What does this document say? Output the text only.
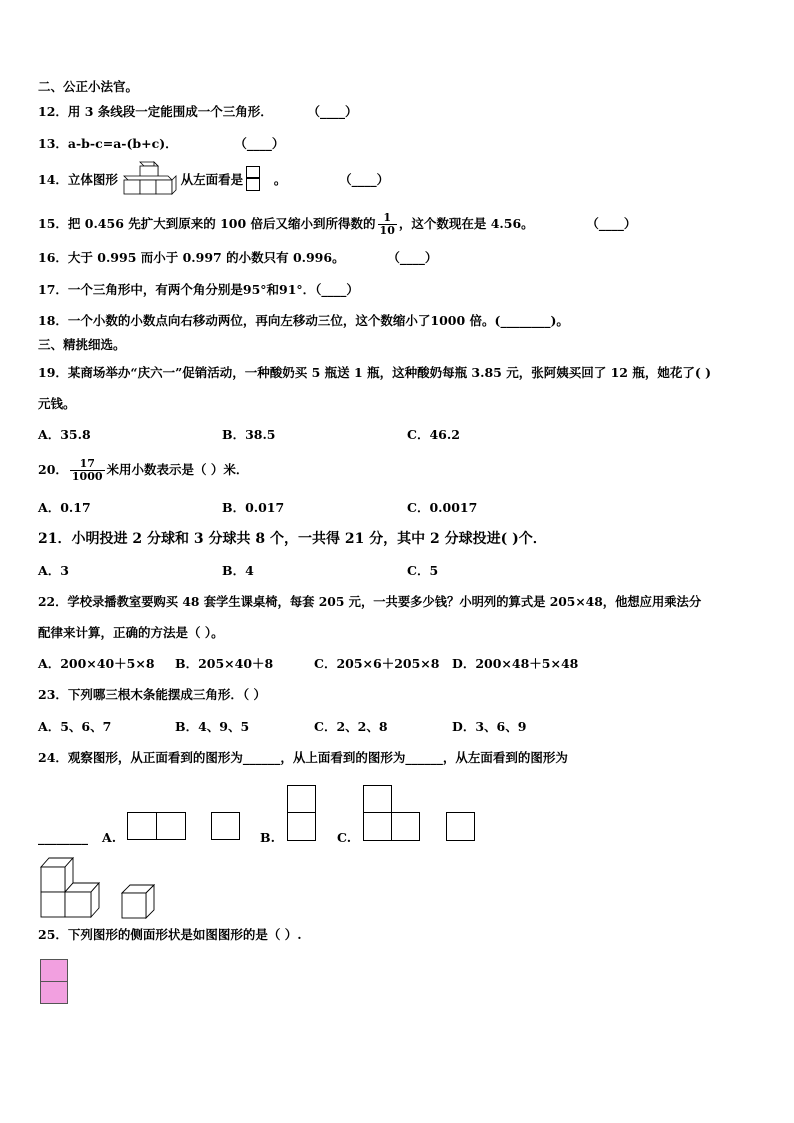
二、公正小法官。
12．用 3 条线段一定能围成一个三角形．	（____）
13．a-b-c=a-(b+c)．	（____）
14．立体图形	从左面看是 。	（____）
15．把 0.456 先扩大到原来的 100 倍后又缩小到所得数的 $\frac{1}{10}$ ，这个数现在是 4.56。	（____）
16．大于 0.995 而小于 0.997 的小数只有 0.996。	（____）
17．一个三角形中，有两个角分别是95°和91°．（____）
18．一个小数的小数点向右移动两位，再向左移动三位，这个数缩小了1000 倍。(________)。
三、精挑细选。
19．某商场举办“庆六一”促销活动，一种酸奶买 5 瓶送 1 瓶，这种酸奶每瓶 3.85 元，张阿姨买回了 12 瓶，她花了( )
元钱。
A．35.8	B．38.5	C．46.2
20． $\frac{17}{1000}$ 米用小数表示是（ ）米．
A．0.17	B．0.017	C．0.0017
21．小明投进 2 分球和 3 分球共 8 个，一共得 21 分，其中 2 分球投进( )个．
A．3	B．4	C．5
22．学校录播教室要购买 48 套学生课桌椅，每套 205 元，一共要多少钱？小明列的算式是 205×48，他想应用乘法分
配律来计算，正确的方法是（ ）。
A．200×40＋5×8 B．205×40＋8	C．205×6＋205×8 D．200×48＋5×48
23．下列哪三根木条能摆成三角形．（ ）
A．5、6、7	B．4、9、5	C．2、2、8	D．3、6、9
24．观察图形，从正面看到的图形为______，从上面看到的图形为______，从左面看到的图形为
________ A.	B.	C.
25．下列图形的侧面形状是如图图形的是（ ）.
